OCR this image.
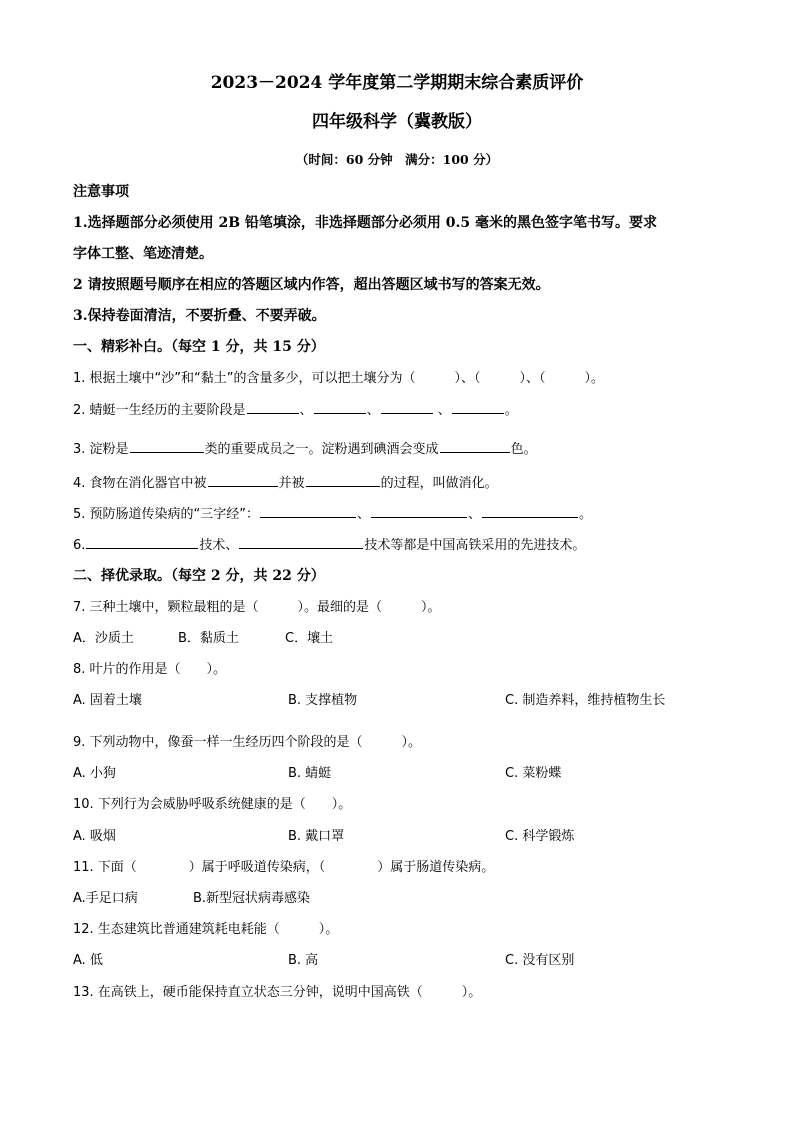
2023－2024 学年度第二学期期末综合素质评价
四年级科学（冀教版）
（时间：60 分钟　满分：100 分）
注意事项
1.选择题部分必须使用 2B 铅笔填涂，非选择题部分必须用 0.5 毫米的黑色签字笔书写。要求
字体工整、笔迹清楚。
2 请按照题号顺序在相应的答题区域内作答，超出答题区域书写的答案无效。
3.保持卷面清洁，不要折叠、不要弄破。
一、精彩补白。（每空 1 分，共 15 分）
1. 根据土壤中“沙”和“黏土”的含量多少，可以把土壤分为（　　　）、（　　　）、（　　　）。
2. 蜻蜓一生经历的主要阶段是	、	、	、	。
3. 淀粉是	类的重要成员之一。淀粉遇到碘酒会变成	色。
4. 食物在消化器官中被	并被	的过程，叫做消化。
5. 预防肠道传染病的“三字经”：	、	、	。
6.	技术、	技术等都是中国高铁采用的先进技术。
二、择优录取。（每空 2 分，共 22 分）
7. 三种土壤中，颗粒最粗的是（　　　）。最细的是（　　　）。
A．沙质土	B．黏质土	C．壤土
8. 叶片的作用是（　　）。
A. 固着土壤	B. 支撑植物	C. 制造养料，维持植物生长
9. 下列动物中，像蚕一样一生经历四个阶段的是（　　　）。
A. 小狗	B. 蜻蜓	C. 菜粉蝶
10. 下列行为会威胁呼吸系统健康的是（　　）。
A. 吸烟	B. 戴口罩	C. 科学锻炼
11. 下面（　　　　）属于呼吸道传染病，（　　　　）属于肠道传染病。
A.手足口病	B.新型冠状病毒感染
12. 生态建筑比普通建筑耗电耗能（　　　）。
A. 低	B. 高	C. 没有区别
13. 在高铁上，硬币能保持直立状态三分钟，说明中国高铁（　　　）。
